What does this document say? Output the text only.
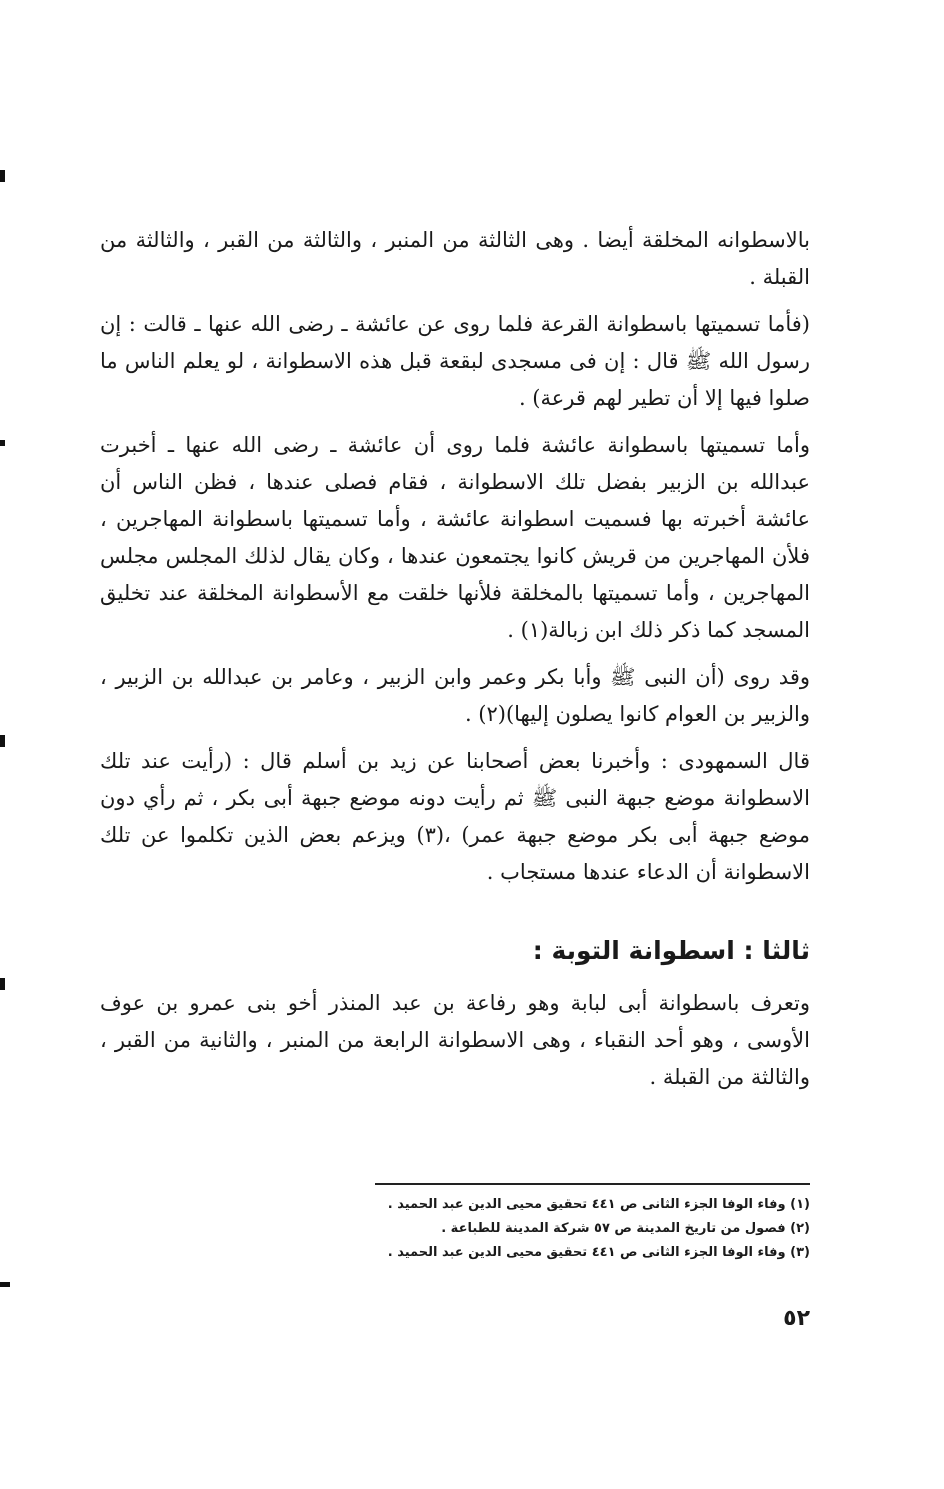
بالاسطوانه المخلقة أيضا . وهى الثالثة من المنبر ، والثالثة من القبر ، والثالثة من القبلة .

(فأما تسميتها باسطوانة القرعة فلما روى عن عائشة ـ رضى الله عنها ـ قالت : إن رسول الله ﷺ قال : إن فى مسجدى لبقعة قبل هذه الاسطوانة ، لو يعلم الناس ما صلوا فيها إلا أن تطير لهم قرعة) .

وأما تسميتها باسطوانة عائشة فلما روى أن عائشة ـ رضى الله عنها ـ أخبرت عبدالله بن الزبير بفضل تلك الاسطوانة ، فقام فصلى عندها ، فظن الناس أن عائشة أخبرته بها فسميت اسطوانة عائشة ، وأما تسميتها باسطوانة المهاجرين ، فلأن المهاجرين من قريش كانوا يجتمعون عندها ، وكان يقال لذلك المجلس مجلس المهاجرين ، وأما تسميتها بالمخلقة فلأنها خلقت مع الأسطوانة المخلقة عند تخليق المسجد كما ذكر ذلك ابن زبالة(١) .

وقد روى (أن النبى ﷺ وأبا بكر وعمر وابن الزبير ، وعامر بن عبدالله بن الزبير ، والزبير بن العوام كانوا يصلون إليها)(٢) .

قال السمهودى : وأخبرنا بعض أصحابنا عن زيد بن أسلم قال : (رأيت عند تلك الاسطوانة موضع جبهة النبى ﷺ ثم رأيت دونه موضع جبهة أبى بكر ، ثم رأي دون موضع جبهة أبى بكر موضع جبهة عمر) ،(٣) ويزعم بعض الذين تكلموا عن تلك الاسطوانة أن الدعاء عندها مستجاب .

ثالثا : اسطوانة التوبة :

وتعرف باسطوانة أبى لبابة وهو رفاعة بن عبد المنذر أخو بنى عمرو بن عوف الأوسى ، وهو أحد النقباء ، وهى الاسطوانة الرابعة من المنبر ، والثانية من القبر ، والثالثة من القبلة .

(١) وفاء الوفا الجزء الثانى ص ٤٤١ تحقيق محيى الدين عبد الحميد .
(٢) فصول من تاريخ المدينة ص ٥٧ شركة المدينة للطباعة .
(٣) وفاء الوفا الجزء الثانى ص ٤٤١ تحقيق محيى الدين عبد الحميد .
٥٢
